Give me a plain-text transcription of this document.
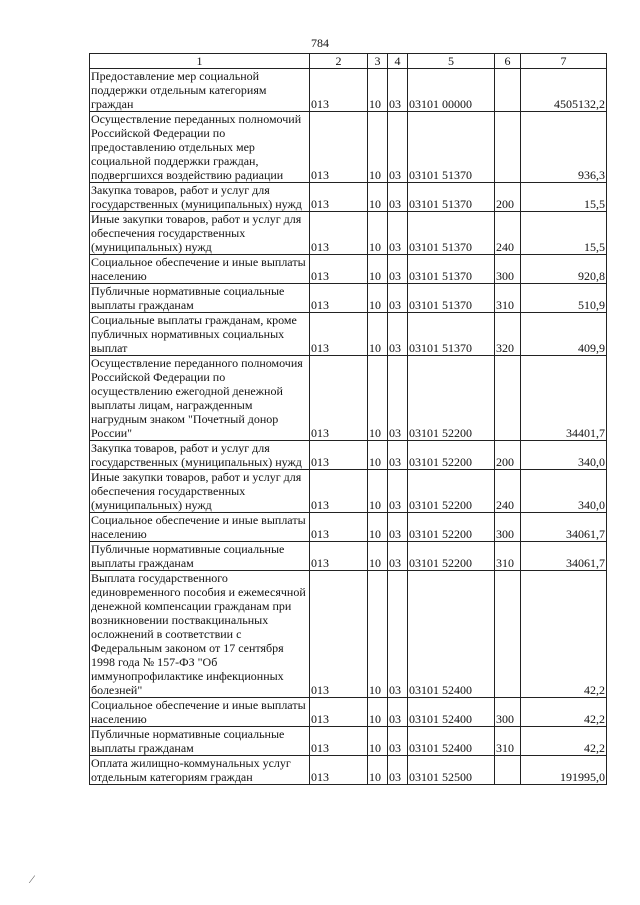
784
1	2	3	4	5	6	7
Предоставление мер социальной поддержки отдельным категориям граждан	013	10	03	03101 00000		4505132,2
Осуществление переданных полномочий Российской Федерации по предоставлению отдельных мер социальной поддержки граждан, подвергшихся воздействию радиации	013	10	03	03101 51370		936,3
Закупка товаров, работ и услуг для государственных (муниципальных) нужд	013	10	03	03101 51370	200	15,5
Иные закупки товаров, работ и услуг для обеспечения государственных (муниципальных) нужд	013	10	03	03101 51370	240	15,5
Социальное обеспечение и иные выплаты населению	013	10	03	03101 51370	300	920,8
Публичные нормативные социальные выплаты гражданам	013	10	03	03101 51370	310	510,9
Социальные выплаты гражданам, кроме публичных нормативных социальных выплат	013	10	03	03101 51370	320	409,9
Осуществление переданного полномочия Российской Федерации по осуществлению ежегодной денежной выплаты лицам, награжденным нагрудным знаком "Почетный донор России"	013	10	03	03101 52200		34401,7
Закупка товаров, работ и услуг для государственных (муниципальных) нужд	013	10	03	03101 52200	200	340,0
Иные закупки товаров, работ и услуг для обеспечения государственных (муниципальных) нужд	013	10	03	03101 52200	240	340,0
Социальное обеспечение и иные выплаты населению	013	10	03	03101 52200	300	34061,7
Публичные нормативные социальные выплаты гражданам	013	10	03	03101 52200	310	34061,7
Выплата государственного единовременного пособия и ежемесячной денежной компенсации гражданам при возникновении поствакцинальных осложнений в соответствии с Федеральным законом от 17 сентября 1998 года № 157-ФЗ "Об иммунопрофилактике инфекционных болезней"	013	10	03	03101 52400		42,2
Социальное обеспечение и иные выплаты населению	013	10	03	03101 52400	300	42,2
Публичные нормативные социальные выплаты гражданам	013	10	03	03101 52400	310	42,2
Оплата жилищно-коммунальных услуг отдельным категориям граждан	013	10	03	03101 52500		191995,0
⁄
